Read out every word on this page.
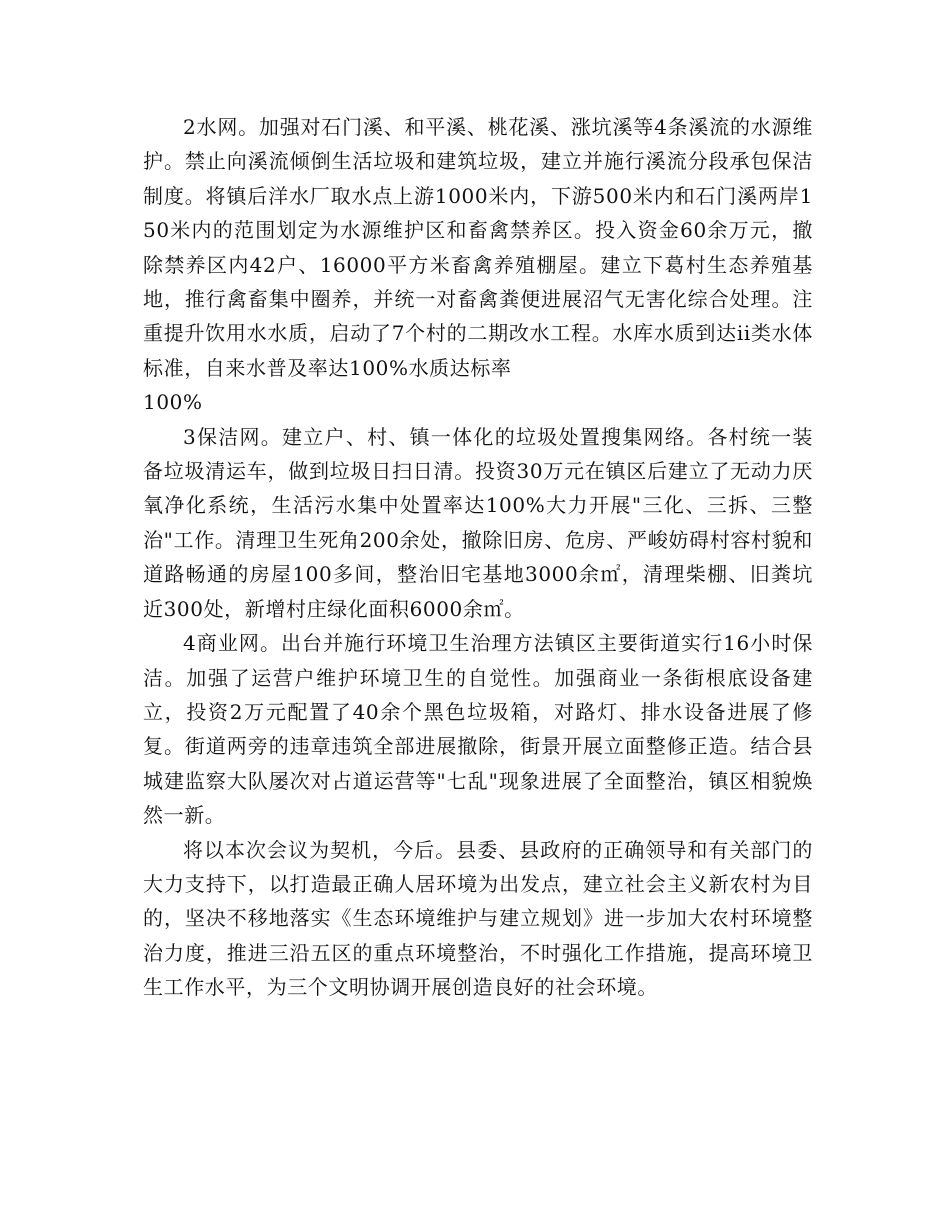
2水网。加强对石门溪、和平溪、桃花溪、涨坑溪等4条溪流的水源维护。禁止向溪流倾倒生活垃圾和建筑垃圾，建立并施行溪流分段承包保洁制度。将镇后洋水厂取水点上游1000米内，下游500米内和石门溪两岸150米内的范围划定为水源维护区和畜禽禁养区。投入资金60余万元，撤除禁养区内42户、16000平方米畜禽养殖棚屋。建立下葛村生态养殖基地，推行禽畜集中圈养，并统一对畜禽粪便进展沼气无害化综合处理。注重提升饮用水水质，启动了7个村的二期改水工程。水库水质到达ii类水体标准，自来水普及率达100%水质达标率

100%

3保洁网。建立户、村、镇一体化的垃圾处置搜集网络。各村统一装备垃圾清运车，做到垃圾日扫日清。投资30万元在镇区后建立了无动力厌氧净化系统，生活污水集中处置率达100%大力开展"三化、三拆、三整治"工作。清理卫生死角200余处，撤除旧房、危房、严峻妨碍村容村貌和道路畅通的房屋100多间，整治旧宅基地3000余㎡，清理柴棚、旧粪坑近300处，新增村庄绿化面积6000余㎡。

4商业网。出台并施行环境卫生治理方法镇区主要街道实行16小时保洁。加强了运营户维护环境卫生的自觉性。加强商业一条街根底设备建立，投资2万元配置了40余个黑色垃圾箱，对路灯、排水设备进展了修复。街道两旁的违章违筑全部进展撤除，街景开展立面整修正造。结合县城建监察大队屡次对占道运营等"七乱"现象进展了全面整治，镇区相貌焕然一新。

将以本次会议为契机，今后。县委、县政府的正确领导和有关部门的大力支持下，以打造最正确人居环境为出发点，建立社会主义新农村为目的，坚决不移地落实《生态环境维护与建立规划》进一步加大农村环境整治力度，推进三沿五区的重点环境整治，不时强化工作措施，提高环境卫生工作水平，为三个文明协调开展创造良好的社会环境。
